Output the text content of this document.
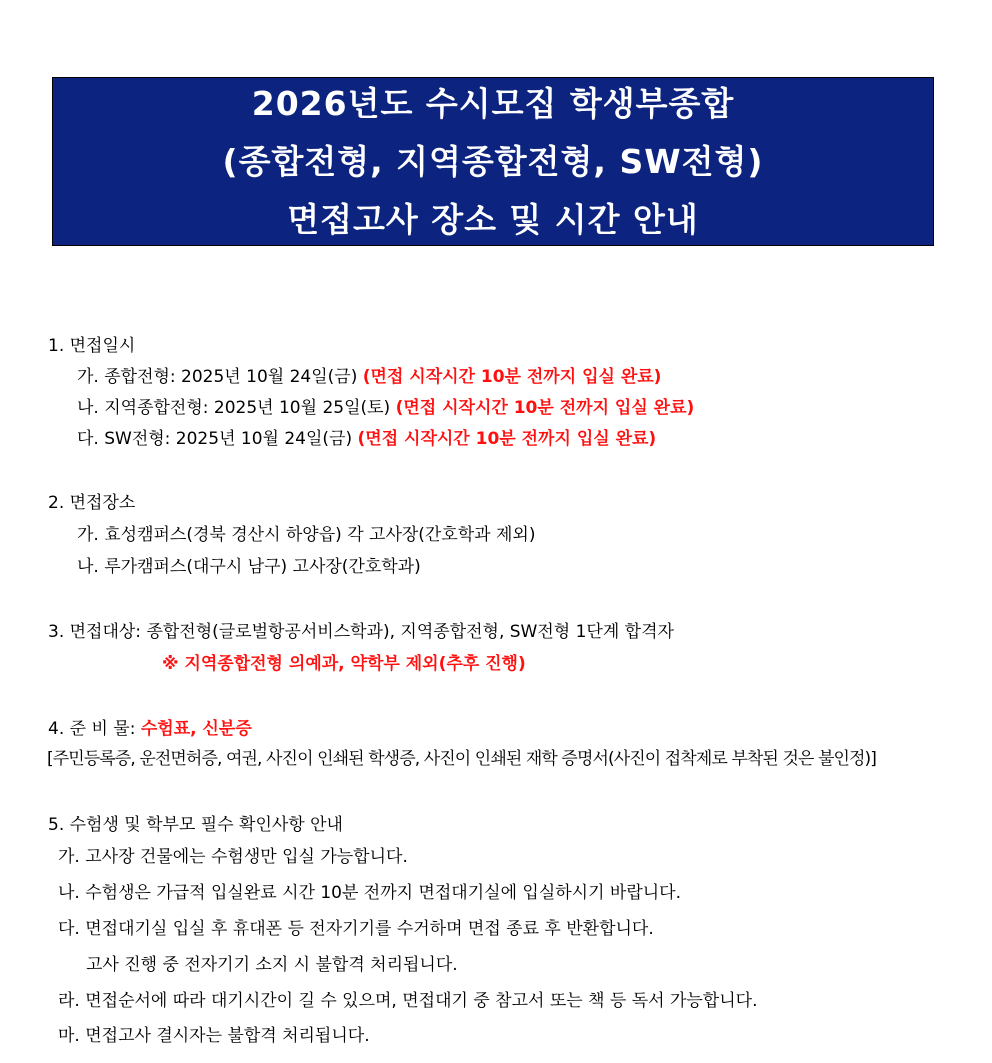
2026년도 수시모집 학생부종합
(종합전형, 지역종합전형, SW전형)
면접고사 장소 및 시간 안내
1. 면접일시
가. 종합전형: 2025년 10월 24일(금) (면접 시작시간 10분 전까지 입실 완료)
나. 지역종합전형: 2025년 10월 25일(토) (면접 시작시간 10분 전까지 입실 완료)
다. SW전형: 2025년 10월 24일(금) (면접 시작시간 10분 전까지 입실 완료)
2. 면접장소
가. 효성캠퍼스(경북 경산시 하양읍) 각 고사장(간호학과 제외)
나. 루가캠퍼스(대구시 남구) 고사장(간호학과)
3. 면접대상: 종합전형(글로벌항공서비스학과), 지역종합전형, SW전형 1단계 합격자
※ 지역종합전형 의예과, 약학부 제외(추후 진행)
4. 준 비 물: 수험표, 신분증
[주민등록증, 운전면허증, 여권, 사진이 인쇄된 학생증, 사진이 인쇄된 재학 증명서(사진이 접착제로 부착된 것은 불인정)]
5. 수험생 및 학부모 필수 확인사항 안내
가. 고사장 건물에는 수험생만 입실 가능합니다.
나. 수험생은 가급적 입실완료 시간 10분 전까지 면접대기실에 입실하시기 바랍니다.
다. 면접대기실 입실 후 휴대폰 등 전자기기를 수거하며 면접 종료 후 반환합니다.
고사 진행 중 전자기기 소지 시 불합격 처리됩니다.
라. 면접순서에 따라 대기시간이 길 수 있으며, 면접대기 중 참고서 또는 책 등 독서 가능합니다.
마. 면접고사 결시자는 불합격 처리됩니다.
